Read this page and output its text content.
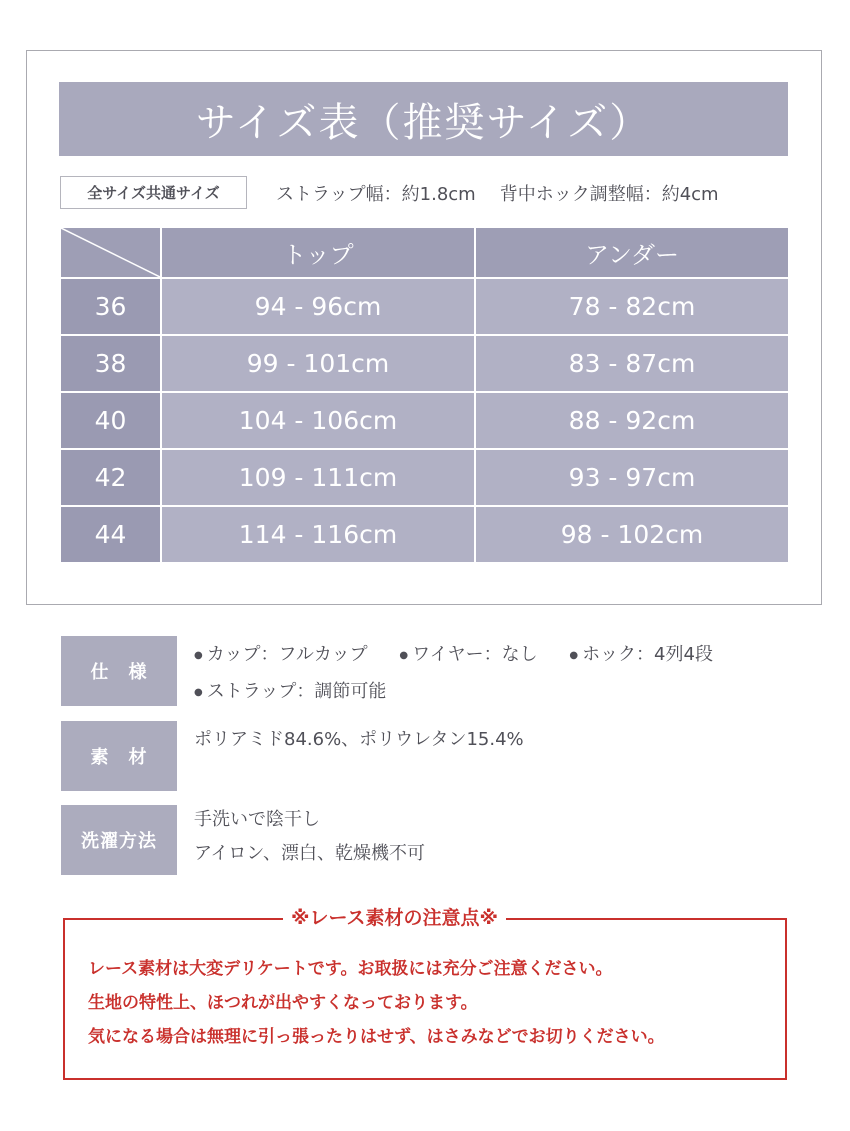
サイズ表（推奨サイズ）
全サイズ共通サイズ	ストラップ幅：約1.8cm 背中ホック調整幅：約4cm
	トップ	アンダー
36	94 - 96cm	78 - 82cm
38	99 - 101cm	83 - 87cm
40	104 - 106cm	88 - 92cm
42	109 - 111cm	93 - 97cm
44	114 - 116cm	98 - 102cm
仕　様
● カップ：フルカップ ● ワイヤー：なし ● ホック：4列4段
● ストラップ：調節可能
素　材
ポリアミド84.6%、ポリウレタン15.4%
洗濯方法
手洗いで陰干し
アイロン、漂白、乾燥機不可
※レース素材の注意点※
レース素材は大変デリケートです。お取扱には充分ご注意ください。
生地の特性上、ほつれが出やすくなっております。
気になる場合は無理に引っ張ったりはせず、はさみなどでお切りください。
